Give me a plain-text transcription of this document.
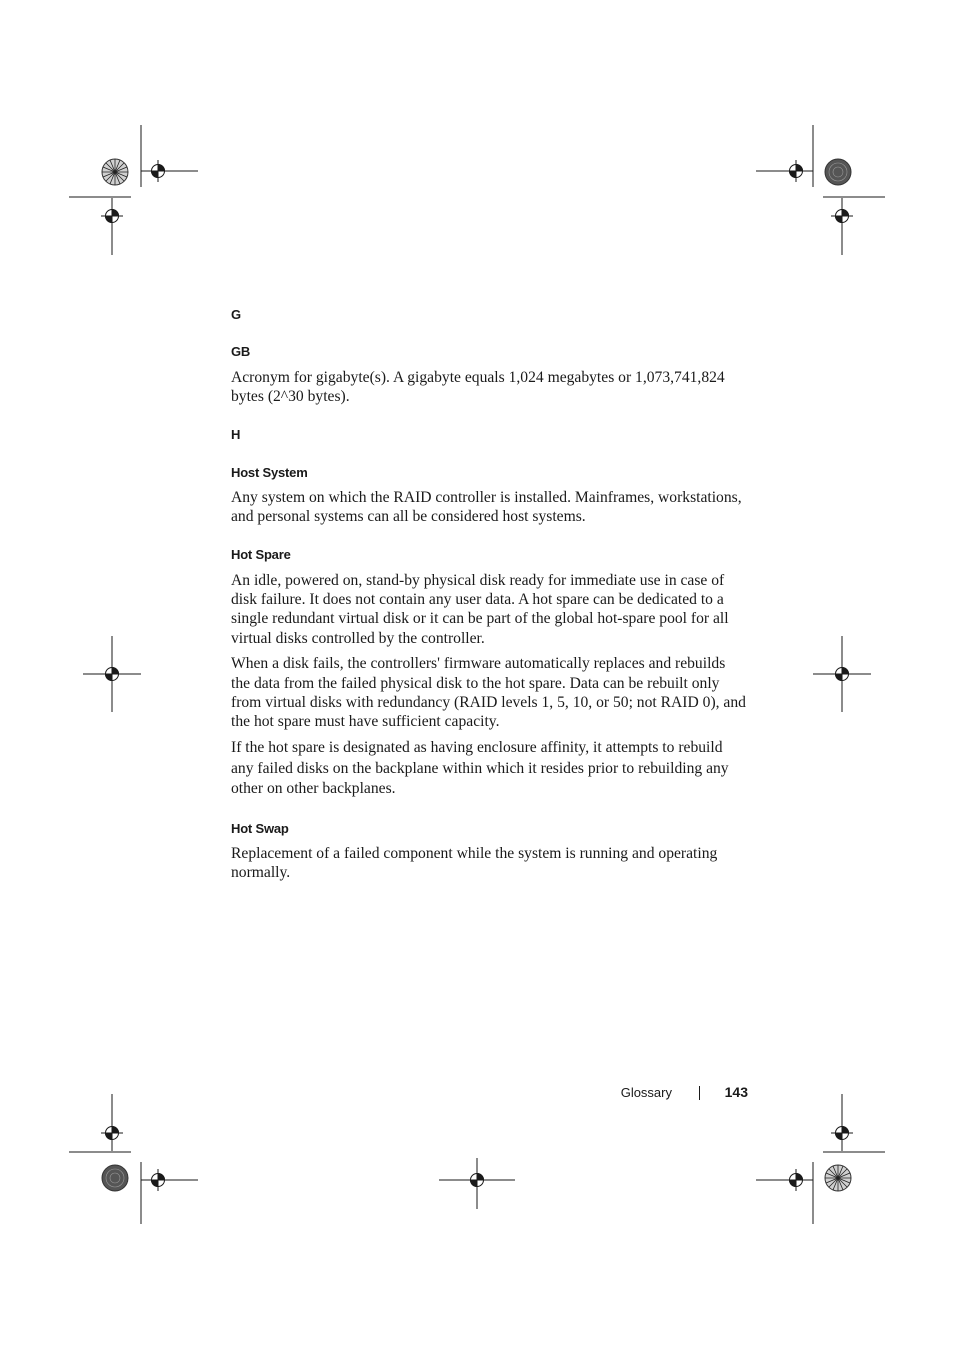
G

GB

Acronym for gigabyte(s). A gigabyte equals 1,024 megabytes or 1,073,741,824 bytes (2^30 bytes).

H

Host System

Any system on which the RAID controller is installed. Mainframes, workstations, and personal systems can all be considered host systems.

Hot Spare

An idle, powered on, stand-by physical disk ready for immediate use in case of disk failure. It does not contain any user data. A hot spare can be dedicated to a single redundant virtual disk or it can be part of the global hot-spare pool for all virtual disks controlled by the controller.

When a disk fails, the controllers' firmware automatically replaces and rebuilds the data from the failed physical disk to the hot spare. Data can be rebuilt only from virtual disks with redundancy (RAID levels 1, 5, 10, or 50; not RAID 0), and the hot spare must have sufficient capacity.

If the hot spare is designated as having enclosure affinity, it attempts to rebuild any failed disks on the backplane within which it resides prior to rebuilding any other on other backplanes.

Hot Swap

Replacement of a failed component while the system is running and operating normally.

Glossary	143
